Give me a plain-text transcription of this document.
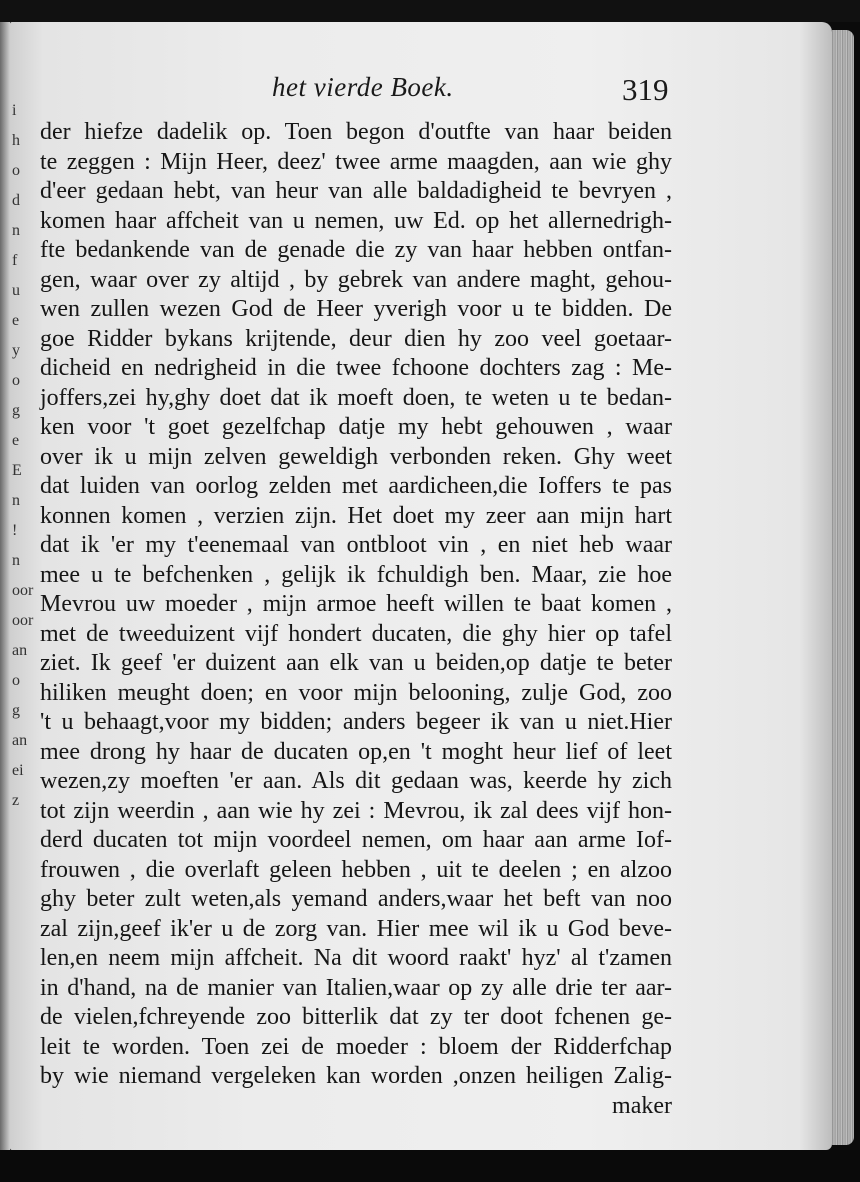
i
h
o
d
n
f
u
e
y
o
g
e
E
n
!
n
oor
oor
an
o
g
an
ei
z
het vierde Boek.	319
der hiefze dadelik op. Toen begon d'outfte van haar beiden
te zeggen : Mijn Heer, deez' twee arme maagden, aan wie ghy
d'eer gedaan hebt, van heur van alle baldadigheid te bevryen ,
komen haar affcheit van u nemen, uw Ed. op het allernedrigh-
fte bedankende van de genade die zy van haar hebben ontfan-
gen, waar over zy altijd , by gebrek van andere maght, gehou-
wen zullen wezen God de Heer yverigh voor u te bidden. De
goe Ridder bykans krijtende, deur dien hy zoo veel goetaar-
dicheid en nedrigheid in die twee fchoone dochters zag : Me-
joffers,zei hy,ghy doet dat ik moeft doen, te weten u te bedan-
ken voor 't goet gezelfchap datje my hebt gehouwen , waar
over ik u mijn zelven geweldigh verbonden reken. Ghy weet
dat luiden van oorlog zelden met aardicheen,die Ioffers te pas
konnen komen , verzien zijn. Het doet my zeer aan mijn hart
dat ik 'er my t'eenemaal van ontbloot vin , en niet heb waar
mee u te befchenken , gelijk ik fchuldigh ben. Maar, zie hoe
Mevrou uw moeder , mijn armoe heeft willen te baat komen ,
met de tweeduizent vijf hondert ducaten, die ghy hier op tafel
ziet. Ik geef 'er duizent aan elk van u beiden,op datje te beter
hiliken meught doen; en voor mijn belooning, zulje God, zoo
't u behaagt,voor my bidden; anders begeer ik van u niet.Hier
mee drong hy haar de ducaten op,en 't moght heur lief of leet
wezen,zy moeften 'er aan. Als dit gedaan was, keerde hy zich
tot zijn weerdin , aan wie hy zei : Mevrou, ik zal dees vijf hon-
derd ducaten tot mijn voordeel nemen, om haar aan arme Iof-
frouwen , die overlaft geleen hebben , uit te deelen ; en alzoo
ghy beter zult weten,als yemand anders,waar het beft van noo
zal zijn,geef ik'er u de zorg van. Hier mee wil ik u God beve-
len,en neem mijn affcheit. Na dit woord raakt' hyz' al t'zamen
in d'hand, na de manier van Italien,waar op zy alle drie ter aar-
de vielen,fchreyende zoo bitterlik dat zy ter doot fchenen ge-
leit te worden. Toen zei de moeder : bloem der Ridderfchap
by wie niemand vergeleken kan worden ,onzen heiligen Zalig-
maker
